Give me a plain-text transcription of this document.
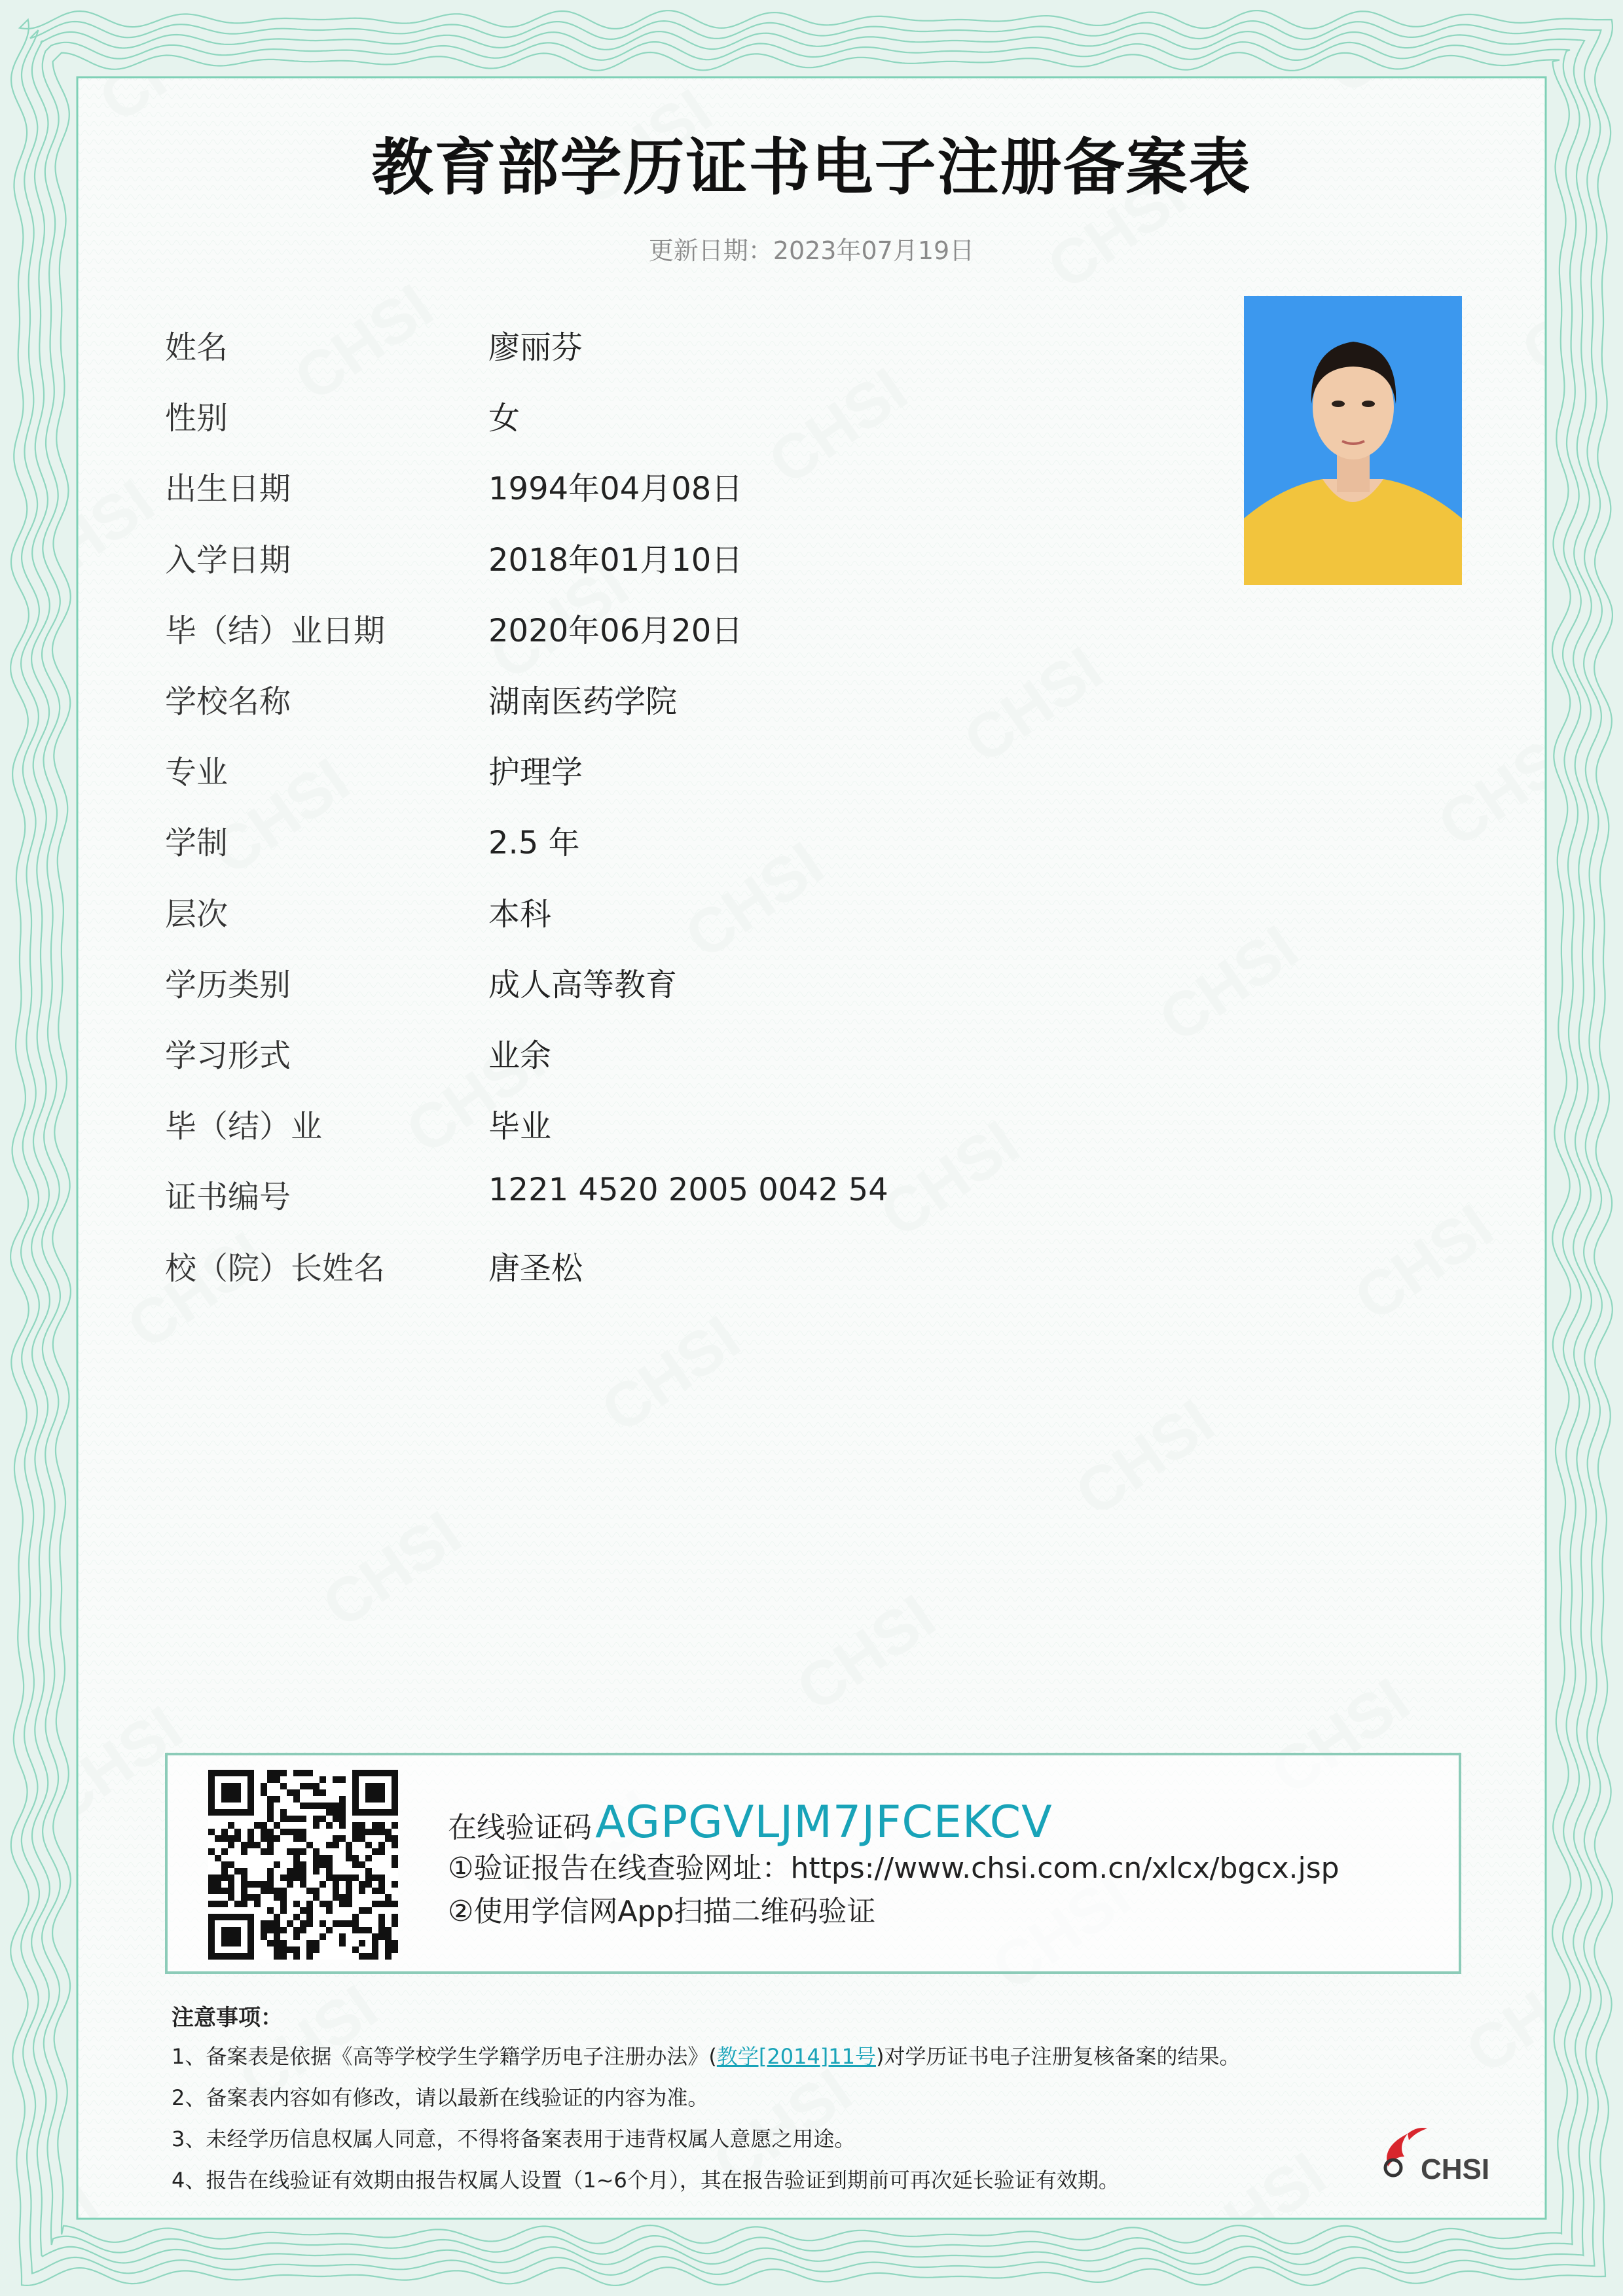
教育部学历证书电子注册备案表
更新日期：2023年07月19日
姓名	廖丽芬
性别	女
出生日期	1994年04月08日
入学日期	2018年01月10日
毕（结）业日期	2020年06月20日
学校名称	湖南医药学院
专业	护理学
学制	2.5 年
层次	本科
学历类别	成人高等教育
学习形式	业余
毕（结）业	毕业
证书编号	1221 4520 2005 0042 54
校（院）长姓名	唐圣松
在线验证码 AGPGVLJM7JFCEKCV
①验证报告在线查验网址：https://www.chsi.com.cn/xlcx/bgcx.jsp
②使用学信网App扫描二维码验证
注意事项：
1、备案表是依据《高等学校学生学籍学历电子注册办法》(教学[2014]11号)对学历证书电子注册复核备案的结果。
2、备案表内容如有修改，请以最新在线验证的内容为准。
3、未经学历信息权属人同意，不得将备案表用于违背权属人意愿之用途。
4、报告在线验证有效期由报告权属人设置（1~6个月），其在报告验证到期前可再次延长验证有效期。	CHSI
